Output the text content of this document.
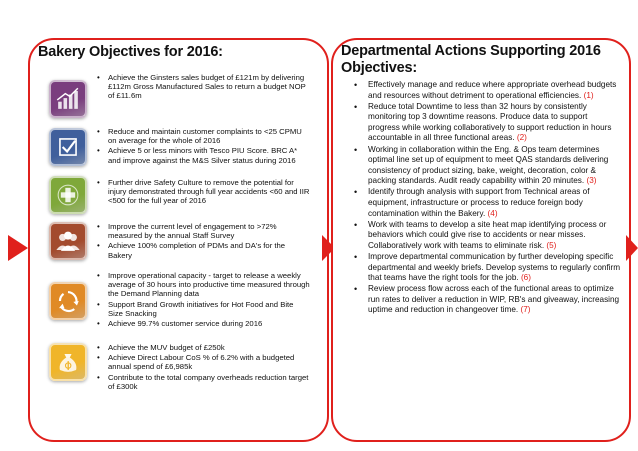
Bakery Objectives for 2016:	Departmental Actions Supporting 2016 Objectives:
• Achieve the Ginsters sales budget of £121m by delivering £112m Gross Manufactured Sales to return a budget NOP of £11.6m
• Reduce and maintain customer complaints to <25 CPMU on average for the whole of 2016
• Achieve 5 or less minors with Tesco PIU Score. BRC A* and improve against the M&S Silver status during 2016
• Further drive Safety Culture to remove the potential for injury demonstrated through full year accidents <60 and IIR <500 for the full year of 2016
• Improve the current level of engagement to >72% measured by the annual Staff Survey
• Achieve 100% completion of PDMs and DA's for the Bakery
• Improve operational capacity - target to release a weekly average of 30 hours into productive time measured through the Demand Planning data
• Support Brand Growth initiatives for Hot Food and Bite Size Snacking
• Achieve 99.7% customer service during 2016
• Achieve the MUV budget of £250k
• Achieve Direct Labour CoS % of 6.2% with a budgeted annual spend of £6,985k
• Contribute to the total company overheads reduction target of £300k
• Effectively manage and reduce where appropriate overhead budgets and resources without detriment to operational efficiencies. (1)
• Reduce total Downtime to less than 32 hours by consistently monitoring top 3 downtime reasons. Produce data to support progress while working collaboratively to support reduction in hours accountable in all three functional areas. (2)
• Working in collaboration within the Eng. & Ops team determines optimal line set up of equipment to meet QAS standards delivering consistency of product sizing, bake, weight, decoration, color & packing standards. Audit ready capability within 20 minutes. (3)
• Identify through analysis with support from Technical areas of equipment, infrastructure or process to reduce foreign body contamination within the Bakery. (4)
• Work with teams to develop a site heat map identifying process or behaviors which could give rise to accidents or near misses. Collaboratively work with teams to eliminate risk. (5)
• Improve departmental communication by further developing specific departmental and weekly briefs. Develop systems to regularly confirm that teams have the right tools for the job. (6)
• Review process flow across each of the functional areas to optimize run rates to deliver a reduction in WIP, RB's and giveaway, increasing uptime and reduction in changeover time. (7)
